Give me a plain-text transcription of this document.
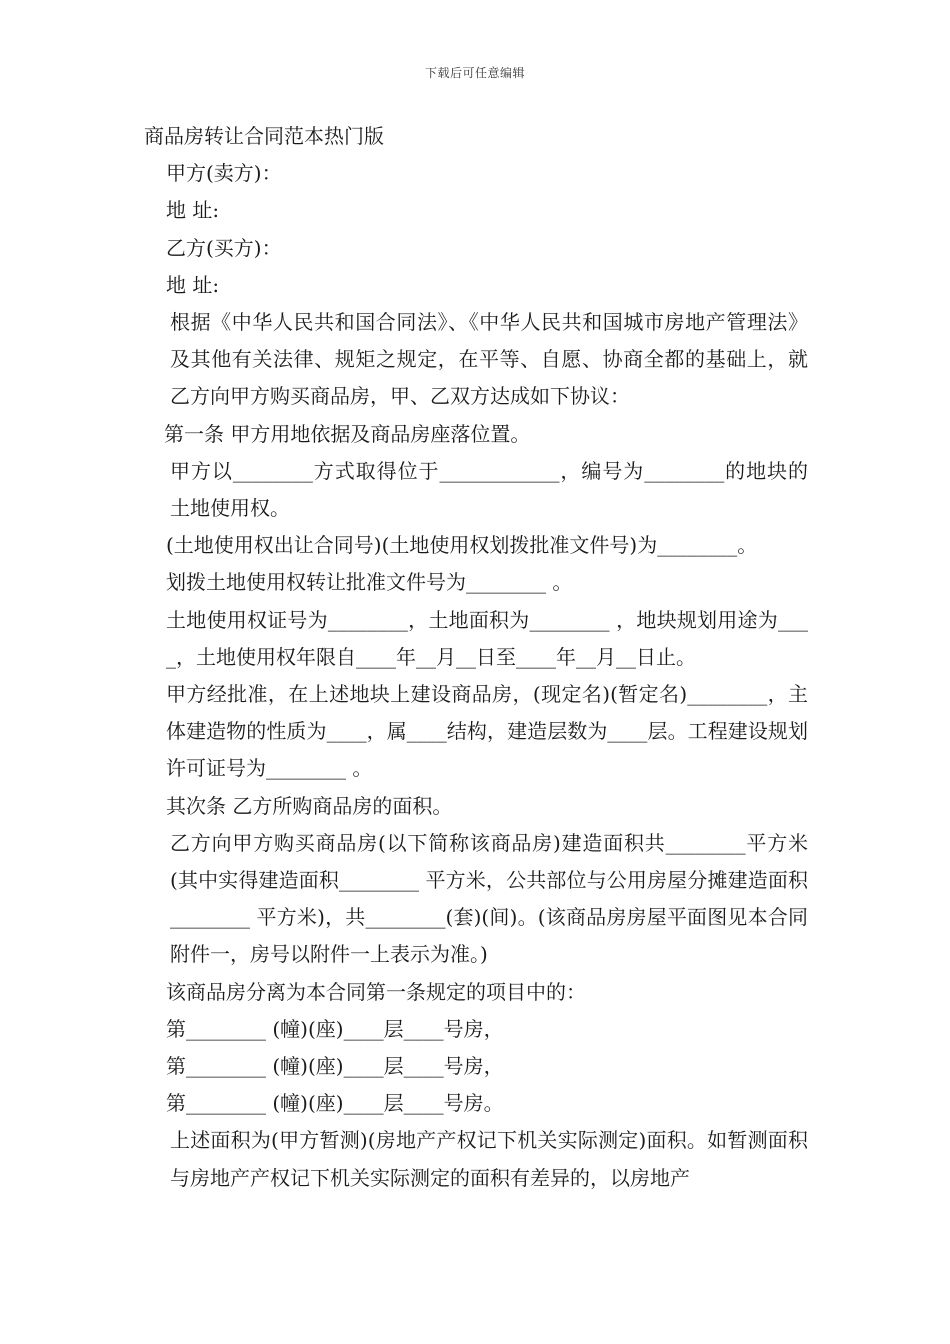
下载后可任意编辑
商品房转让合同范本热门版

甲方(卖方)：

地 址:

乙方(买方)：

地 址:

根据《中华人民共和国合同法》、《中华人民共和国城市房地产管理法》及其他有关法律、规矩之规定，在平等、自愿、协商全都的基础上，就乙方向甲方购买商品房，甲、乙双方达成如下协议：

第一条 甲方用地依据及商品房座落位置。

甲方以________方式取得位于____________，编号为________的地块的土地使用权。

(土地使用权出让合同号)(土地使用权划拨批准文件号)为________。

划拨土地使用权转让批准文件号为________ 。

土地使用权证号为________，土地面积为________ ，地块规划用途为____，土地使用权年限自____年__月__日至____年__月__日止。

甲方经批准，在上述地块上建设商品房，(现定名)(暂定名)________，主体建造物的性质为____，属____结构，建造层数为____层。工程建设规划许可证号为________ 。

其次条 乙方所购商品房的面积。

乙方向甲方购买商品房(以下简称该商品房)建造面积共________平方米(其中实得建造面积________ 平方米，公共部位与公用房屋分摊建造面积________ 平方米)，共________(套)(间)。(该商品房房屋平面图见本合同附件一，房号以附件一上表示为准。)

该商品房分离为本合同第一条规定的项目中的：

第________ (幢)(座)____层____号房，

第________ (幢)(座)____层____号房，

第________ (幢)(座)____层____号房。

上述面积为(甲方暂测)(房地产产权记下机关实际测定)面积。如暂测面积与房地产产权记下机关实际测定的面积有差异的，以房地产
